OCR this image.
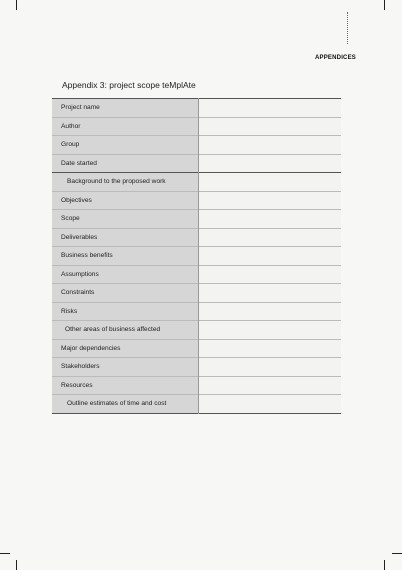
APPENDICES
Appendix 3: project scope teMplAte
Project name	
Author	
Group	
Date started	
Background to the proposed work	
Objectives	
Scope	
Deliverables	
Business benefits	
Assumptions	
Constraints	
Risks	
Other areas of business affected	
Major dependencies	
Stakeholders	
Resources	
Outline estimates of time and cost	
